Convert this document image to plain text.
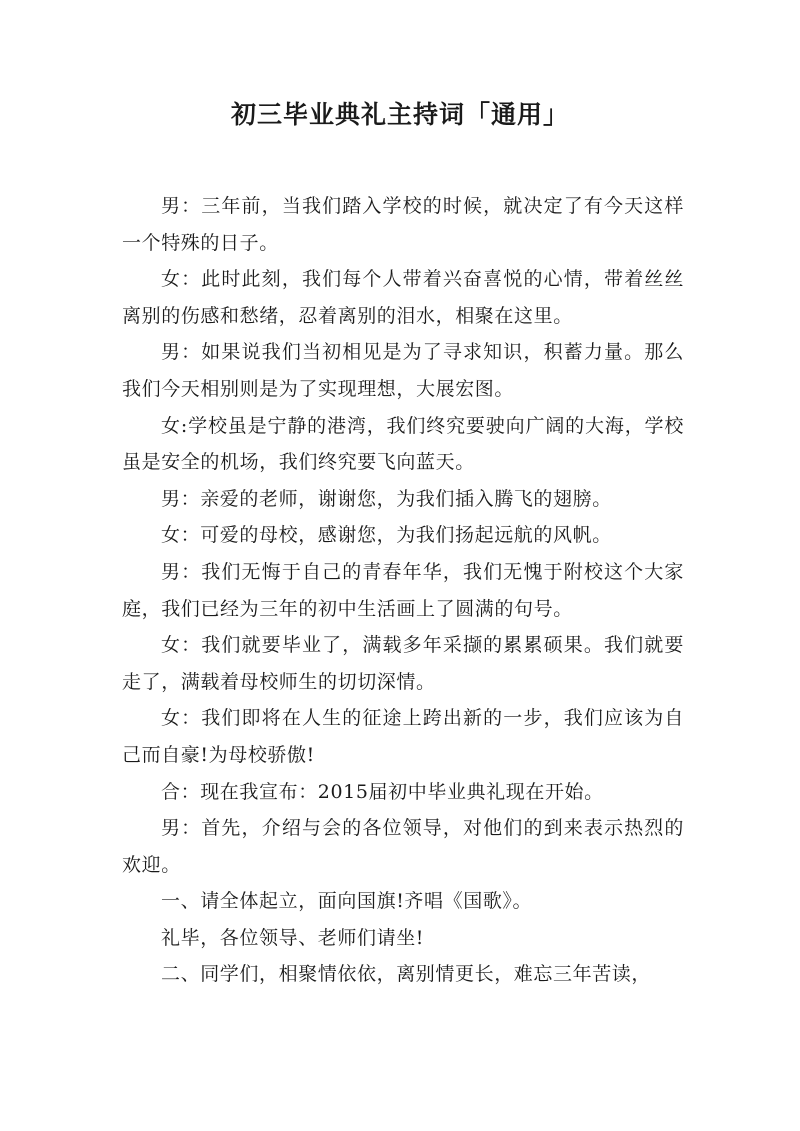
初三毕业典礼主持词「通用」

男：三年前，当我们踏入学校的时候，就决定了有今天这样一个特殊的日子。

女：此时此刻，我们每个人带着兴奋喜悦的心情，带着丝丝离别的伤感和愁绪，忍着离别的泪水，相聚在这里。

男：如果说我们当初相见是为了寻求知识，积蓄力量。那么我们今天相别则是为了实现理想，大展宏图。

女:学校虽是宁静的港湾，我们终究要驶向广阔的大海，学校虽是安全的机场，我们终究要飞向蓝天。

男：亲爱的老师，谢谢您，为我们插入腾飞的翅膀。

女：可爱的母校，感谢您，为我们扬起远航的风帆。

男：我们无悔于自己的青春年华，我们无愧于附校这个大家庭，我们已经为三年的初中生活画上了圆满的句号。

女：我们就要毕业了，满载多年采撷的累累硕果。我们就要走了，满载着母校师生的切切深情。

女：我们即将在人生的征途上跨出新的一步，我们应该为自己而自豪!为母校骄傲!

合：现在我宣布：2015届初中毕业典礼现在开始。

男：首先，介绍与会的各位领导，对他们的到来表示热烈的欢迎。

一、请全体起立，面向国旗!齐唱《国歌》。

礼毕，各位领导、老师们请坐!

二、同学们，相聚情依依，离别情更长，难忘三年苦读，
